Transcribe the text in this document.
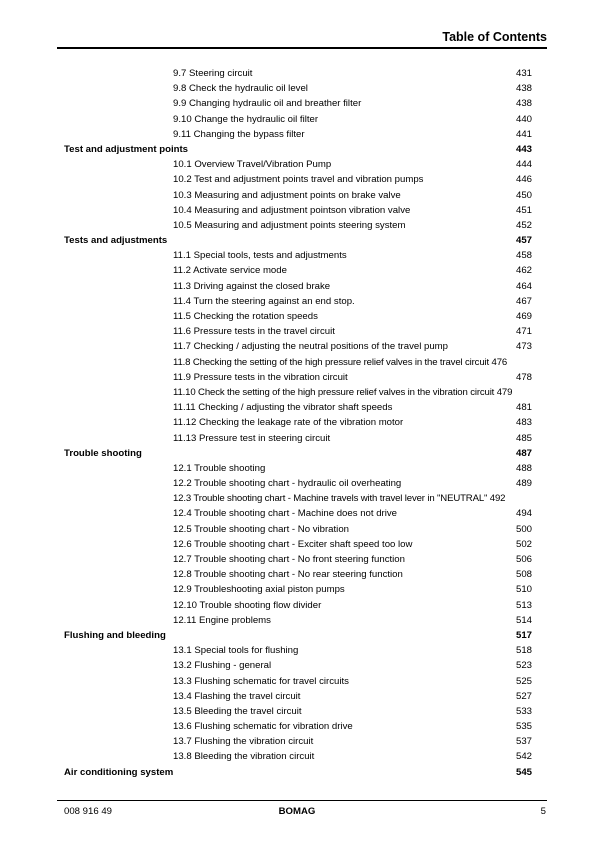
Table of Contents
9.7 Steering circuit	431
9.8 Check the hydraulic oil level	438
9.9 Changing hydraulic oil and breather filter	438
9.10 Change the hydraulic oil filter	440
9.11 Changing the bypass filter	441
Test and adjustment points	443
10.1 Overview Travel/Vibration Pump	444
10.2 Test and adjustment points travel and vibration pumps	446
10.3 Measuring and adjustment points on brake valve	450
10.4 Measuring and adjustment pointson vibration valve	451
10.5 Measuring and adjustment points steering system	452
Tests and adjustments	457
11.1 Special tools, tests and adjustments	458
11.2 Activate service mode	462
11.3 Driving against the closed brake	464
11.4 Turn the steering against an end stop.	467
11.5 Checking the rotation speeds	469
11.6 Pressure tests in the travel circuit	471
11.7 Checking / adjusting the neutral positions of the travel pump	473
11.8 Checking the setting of the high pressure relief valves in the travel circuit 476
11.9 Pressure tests in the vibration circuit	478
11.10 Check the setting of the high pressure relief valves in the vibration circuit 479
11.11 Checking / adjusting the vibrator shaft speeds	481
11.12 Checking the leakage rate of the vibration motor	483
11.13 Pressure test in steering circuit	485
Trouble shooting	487
12.1 Trouble shooting	488
12.2 Trouble shooting chart - hydraulic oil overheating	489
12.3 Trouble shooting chart - Machine travels with travel lever in "NEUTRAL" 492
12.4 Trouble shooting chart - Machine does not drive	494
12.5 Trouble shooting chart - No vibration	500
12.6 Trouble shooting chart - Exciter shaft speed too low	502
12.7 Trouble shooting chart - No front steering function	506
12.8 Trouble shooting chart - No rear steering function	508
12.9 Troubleshooting axial piston pumps	510
12.10 Trouble shooting flow divider	513
12.11 Engine problems	514
Flushing and bleeding	517
13.1 Special tools for flushing	518
13.2 Flushing - general	523
13.3 Flushing schematic for travel circuits	525
13.4 Flashing the travel circuit	527
13.5 Bleeding the travel circuit	533
13.6 Flushing schematic for vibration drive	535
13.7 Flushing the vibration circuit	537
13.8 Bleeding the vibration circuit	542
Air conditioning system	545
008 916 49	BOMAG	5
